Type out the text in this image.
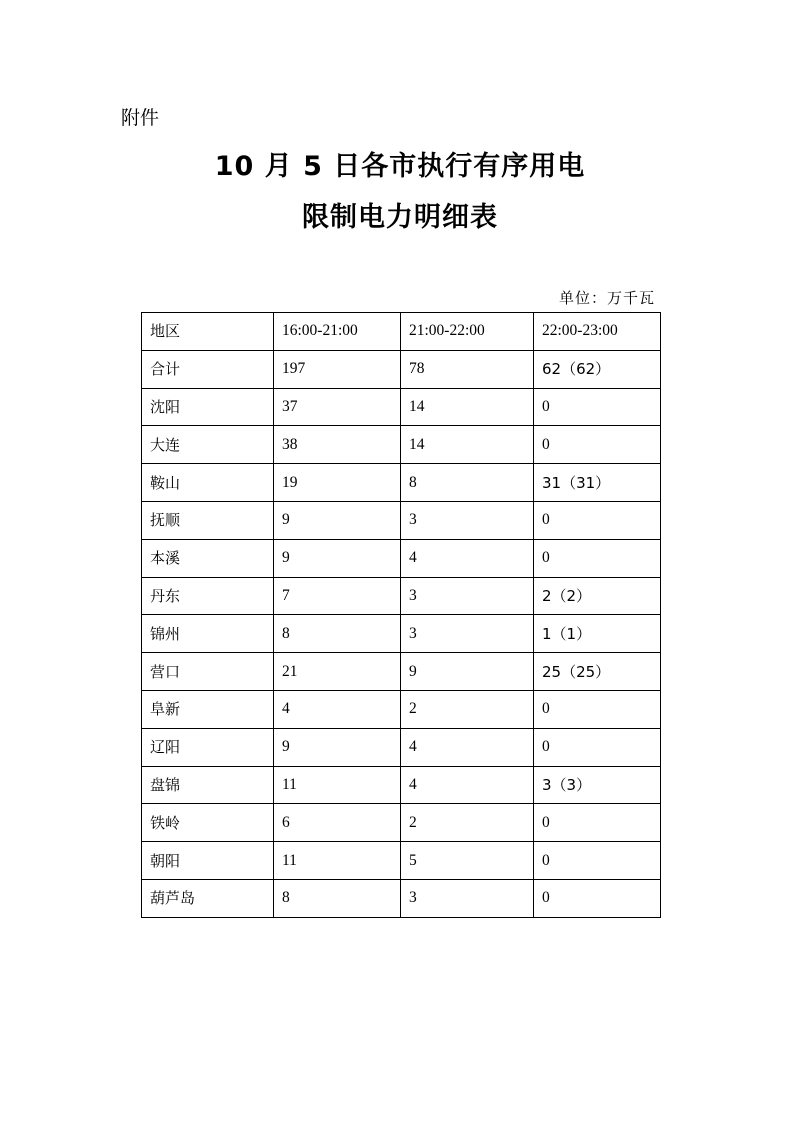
附件
10 月 5 日各市执行有序用电
限制电力明细表
单位：万千瓦
地区	16:00-21:00	21:00-22:00	22:00-23:00
合计	197	78	62（62）
沈阳	37	14	0
大连	38	14	0
鞍山	19	8	31（31）
抚顺	9	3	0
本溪	9	4	0
丹东	7	3	2（2）
锦州	8	3	1（1）
营口	21	9	25（25）
阜新	4	2	0
辽阳	9	4	0
盘锦	11	4	3（3）
铁岭	6	2	0
朝阳	11	5	0
葫芦岛	8	3	0
